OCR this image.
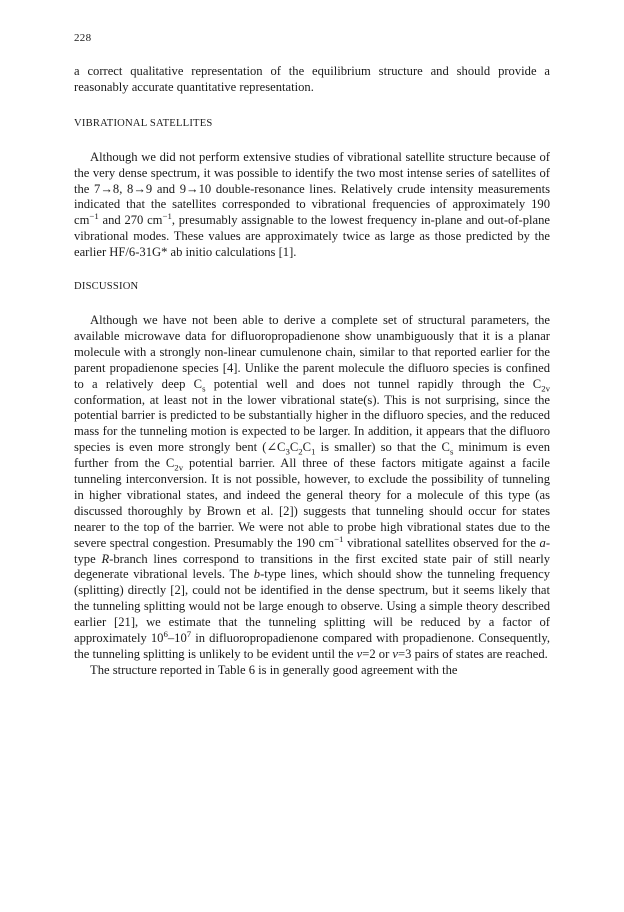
228

a correct qualitative representation of the equilibrium structure and should provide a reasonably accurate quantitative representation.

VIBRATIONAL SATELLITES

Although we did not perform extensive studies of vibrational satellite structure because of the very dense spectrum, it was possible to identify the two most intense series of satellites of the 7→8, 8→9 and 9→10 double-resonance lines. Relatively crude intensity measurements indicated that the satellites corresponded to vibrational frequencies of approximately 190 $cm^{-1}$ and 270 $cm^{-1}$, presumably assignable to the lowest frequency in-plane and out-of-plane vibrational modes. These values are approximately twice as large as those predicted by the earlier HF/6-31G* ab initio calculations [1].

DISCUSSION

Although we have not been able to derive a complete set of structural parameters, the available microwave data for difluoropropadienone show unambiguously that it is a planar molecule with a strongly non-linear cumulenone chain, similar to that reported earlier for the parent propadienone species [4]. Unlike the parent molecule the difluoro species is confined to a relatively deep $C_s$ potential well and does not tunnel rapidly through the $C_{2v}$ conformation, at least not in the lower vibrational state(s). This is not surprising, since the potential barrier is predicted to be substantially higher in the difluoro species, and the reduced mass for the tunneling motion is expected to be larger. In addition, it appears that the difluoro species is even more strongly bent ($\angle C_3C_2C_1$ is smaller) so that the $C_s$ minimum is even further from the $C_{2v}$ potential barrier. All three of these factors mitigate against a facile tunneling interconversion. It is not possible, however, to exclude the possibility of tunneling in higher vibrational states, and indeed the general theory for a molecule of this type (as discussed thoroughly by Brown et al. [2]) suggests that tunneling should occur for states nearer to the top of the barrier. We were not able to probe high vibrational states due to the severe spectral congestion. Presumably the 190 $cm^{-1}$ vibrational satellites observed for the a-type R-branch lines correspond to transitions in the first excited state pair of still nearly degenerate vibrational levels. The b-type lines, which should show the tunneling frequency (splitting) directly [2], could not be identified in the dense spectrum, but it seems likely that the tunneling splitting would not be large enough to observe. Using a simple theory described earlier [21], we estimate that the tunneling splitting will be reduced by a factor of approximately $10^6-10^7$ in difluoropropadienone compared with propadienone. Consequently, the tunneling splitting is unlikely to be evident until the v=2 or v=3 pairs of states are reached.

The structure reported in Table 6 is in generally good agreement with the
